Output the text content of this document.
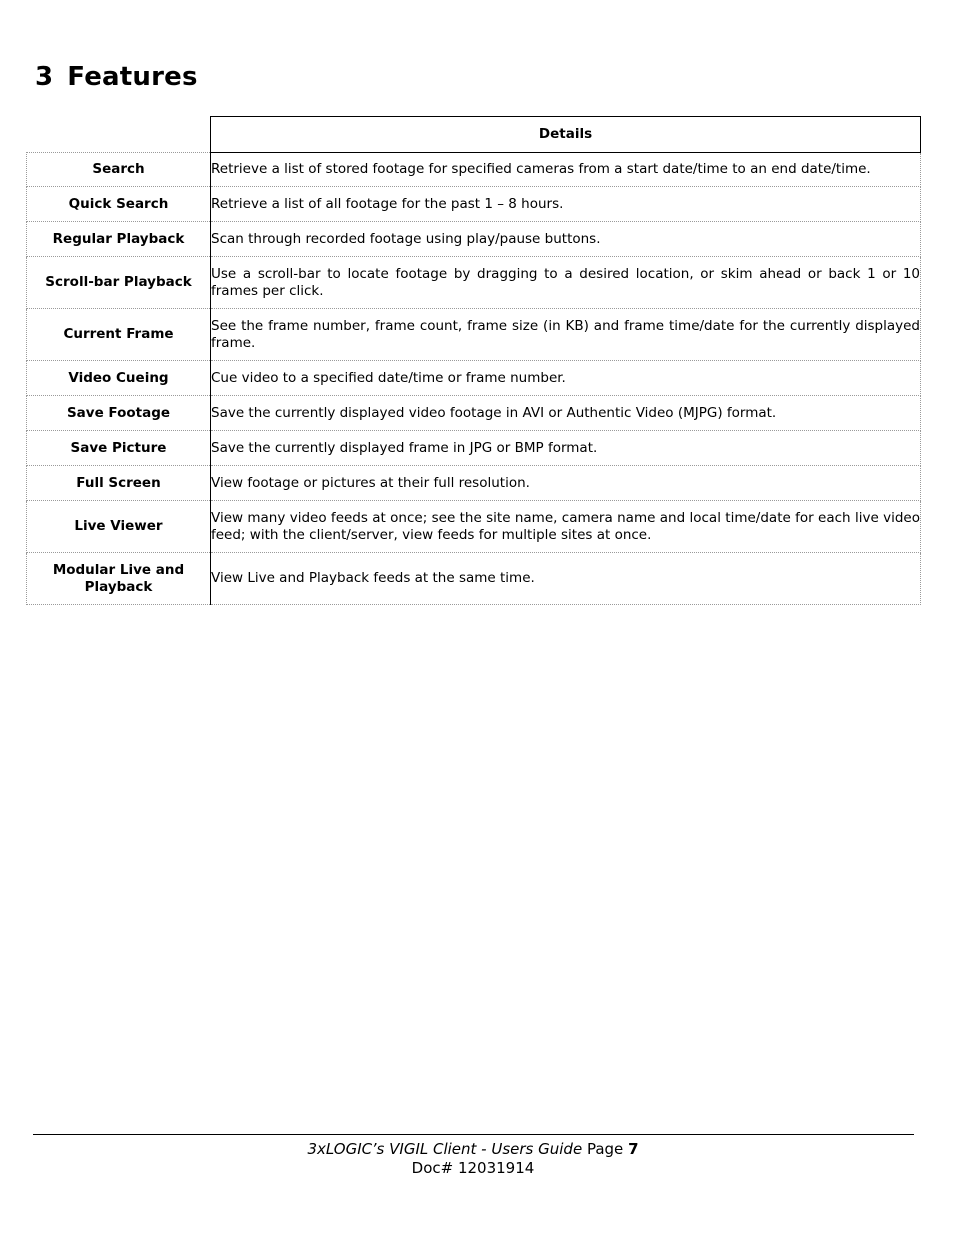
3 Features
	Details
Search	Retrieve a list of stored footage for specified cameras from a start date/time to an end date/time.
Quick Search	Retrieve a list of all footage for the past 1 – 8 hours.
Regular Playback	Scan through recorded footage using play/pause buttons.
Scroll-bar Playback	Use a scroll-bar to locate footage by dragging to a desired location, or skim ahead or back 1 or 10 frames per click.
Current Frame	See the frame number, frame count, frame size (in KB) and frame time/date for the currently displayed frame.
Video Cueing	Cue video to a specified date/time or frame number.
Save Footage	Save the currently displayed video footage in AVI or Authentic Video (MJPG) format.
Save Picture	Save the currently displayed frame in JPG or BMP format.
Full Screen	View footage or pictures at their full resolution.
Live Viewer	View many video feeds at once; see the site name, camera name and local time/date for each live video feed; with the client/server, view feeds for multiple sites at once.
Modular Live and Playback	View Live and Playback feeds at the same time.
3xLOGIC’s VIGIL Client - Users Guide Page 7
Doc# 12031914
